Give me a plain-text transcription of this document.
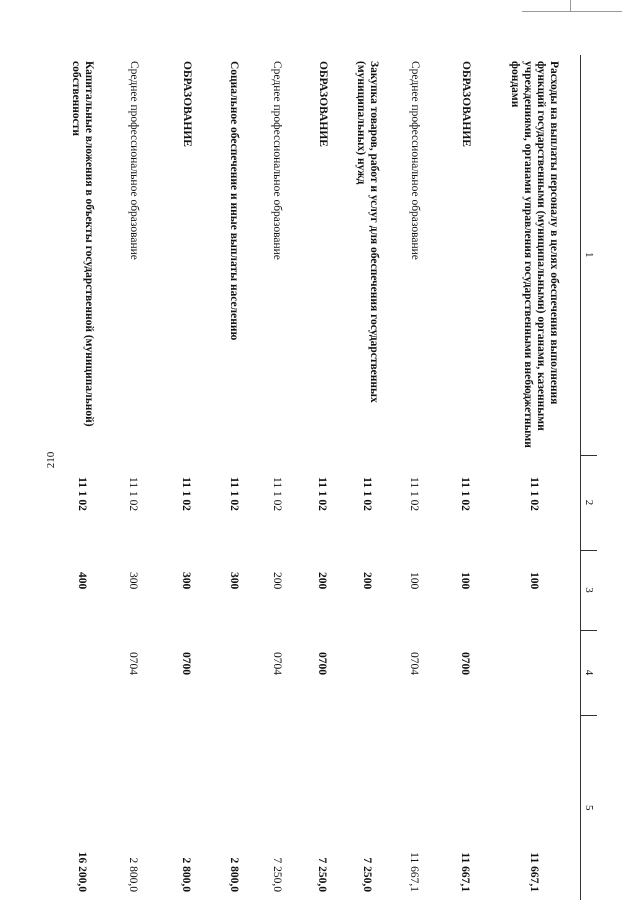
210
1	2	3	4	5
Расходы на выплаты персоналу в целях обеспечения выполнения функций государственными (муниципальными) органами, казенными учреждениями, органами управления государственными внебюджетными фондами	11 1 02	100		11 667,1
ОБРАЗОВАНИЕ	11 1 02	100	0700	11 667,1
Среднее профессиональное образование	11 1 02	100	0704	11 667,1
Закупка товаров, работ и услуг для обеспечения государственных (муниципальных) нужд	11 1 02	200		7 250,0
ОБРАЗОВАНИЕ	11 1 02	200	0700	7 250,0
Среднее профессиональное образование	11 1 02	200	0704	7 250,0
Социальное обеспечение и иные выплаты населению	11 1 02	300		2 800,0
ОБРАЗОВАНИЕ	11 1 02	300	0700	2 800,0
Среднее профессиональное образование	11 1 02	300	0704	2 800,0
Капитальные вложения в объекты государственной (муниципальной) собственности	11 1 02	400		16 200,0
